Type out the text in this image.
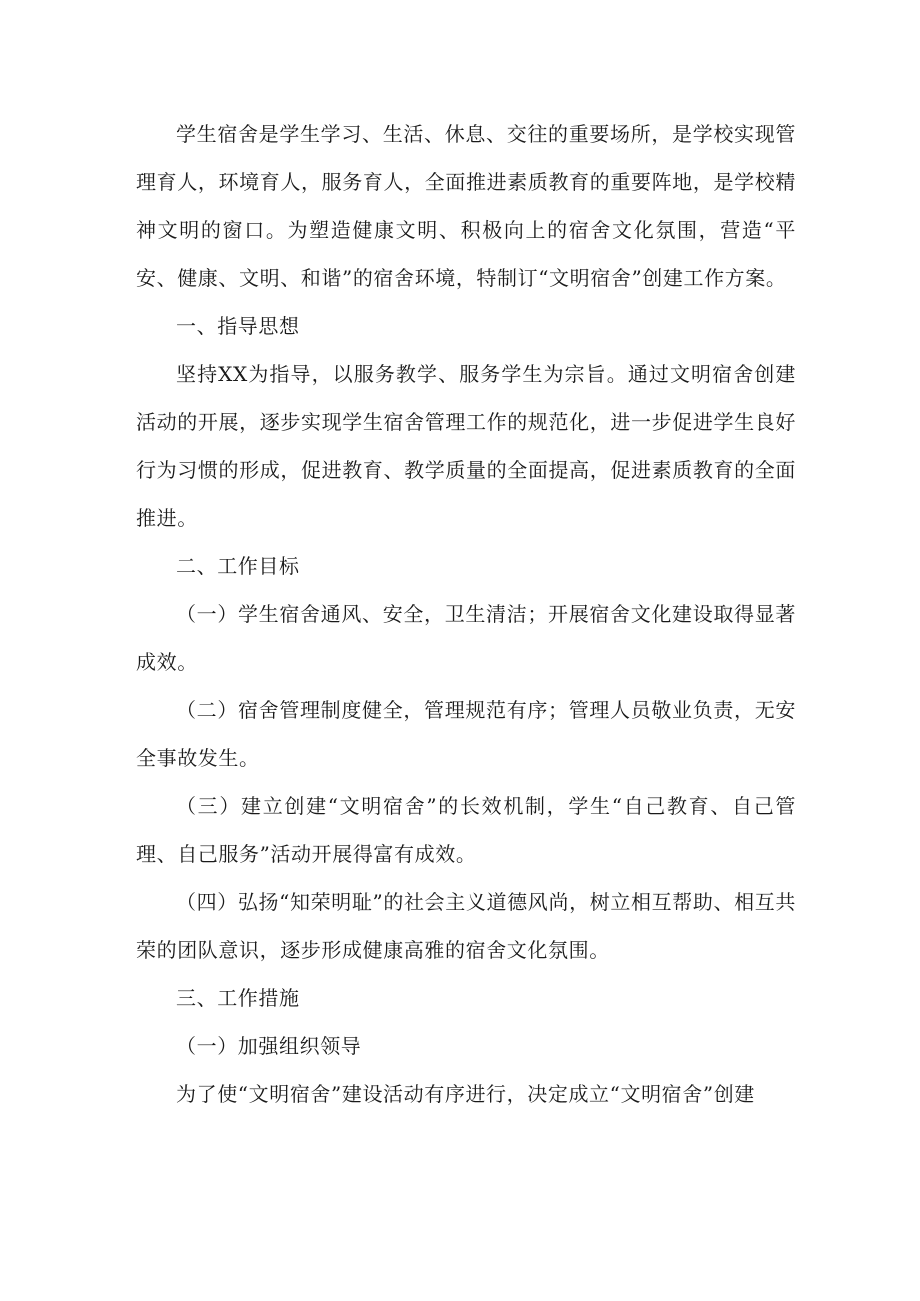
学生宿舍是学生学习、生活、休息、交往的重要场所，是学校实现管理育人，环境育人，服务育人，全面推进素质教育的重要阵地，是学校精神文明的窗口。为塑造健康文明、积极向上的宿舍文化氛围，营造“平安、健康、文明、和谐”的宿舍环境，特制订“文明宿舍”创建工作方案。

一、指导思想

坚持XX为指导，以服务教学、服务学生为宗旨。通过文明宿舍创建活动的开展，逐步实现学生宿舍管理工作的规范化，进一步促进学生良好行为习惯的形成，促进教育、教学质量的全面提高，促进素质教育的全面推进。

二、工作目标

（一）学生宿舍通风、安全，卫生清洁；开展宿舍文化建设取得显著成效。

（二）宿舍管理制度健全，管理规范有序；管理人员敬业负责，无安全事故发生。

（三）建立创建“文明宿舍”的长效机制，学生“自己教育、自己管理、自己服务”活动开展得富有成效。

（四）弘扬“知荣明耻”的社会主义道德风尚，树立相互帮助、相互共荣的团队意识，逐步形成健康高雅的宿舍文化氛围。

三、工作措施

（一）加强组织领导

为了使“文明宿舍”建设活动有序进行，决定成立“文明宿舍”创建
